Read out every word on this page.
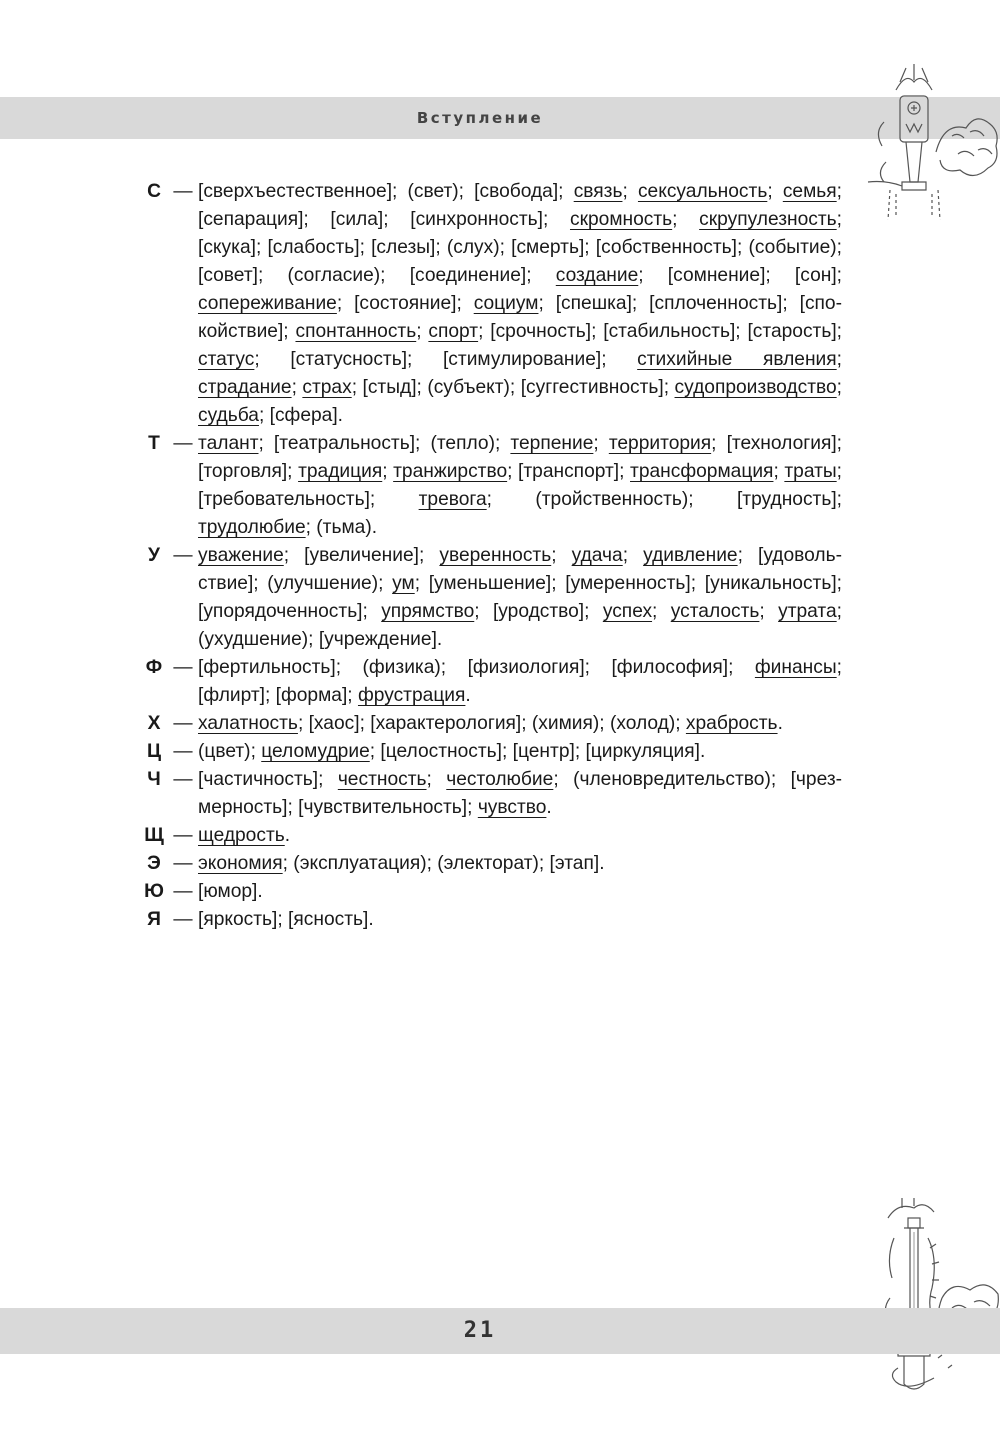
Вступление

С — [сверхъестественное]; (свет); [свобода]; связь; сексуальность; семья; [сепарация]; [сила]; [синхронность]; скромность; скрупулезность; [скука]; [слабость]; [слезы]; (слух); [смерть]; [собственность]; (событие); [совет]; (согласие); [соединение]; создание; [сомнение]; [сон]; сопереживание; [состояние]; социум; [спешка]; [сплоченность]; [спокойствие]; спонтанность; спорт; [срочность]; [стабильность]; [старость]; статус; [статусность]; [стимулирование]; стихийные явления; страдание; страх; [стыд]; (субъект); [суггестивность]; судопроизводство; судьба; [сфера].

Т — талант; [театральность]; (тепло); терпение; территория; [технология]; [торговля]; традиция; транжирство; [транспорт]; трансформация; траты; [требовательность]; тревога; (тройственность); [трудность]; трудолюбие; (тьма).

У — уважение; [увеличение]; уверенность; удача; удивление; [удовольствие]; (улучшение); ум; [уменьшение]; [умеренность]; [уникальность]; [упорядоченность]; упрямство; [уродство]; успех; усталость; утрата; (ухудшение); [учреждение].

Ф — [фертильность]; (физика); [физиология]; [философия]; финансы; [флирт]; [форма]; фрустрация.

Х — халатность; [хаос]; [характерология]; (химия); (холод); храбрость.

Ц — (цвет); целомудрие; [целостность]; [центр]; [циркуляция].

Ч — [частичность]; честность; честолюбие; (членовредительство); [чрезмерность]; [чувствительность]; чувство.

Щ — щедрость.

Э — экономия; (эксплуатация); (электорат); [этап].

Ю — [юмор].

Я — [яркость]; [ясность].

21
